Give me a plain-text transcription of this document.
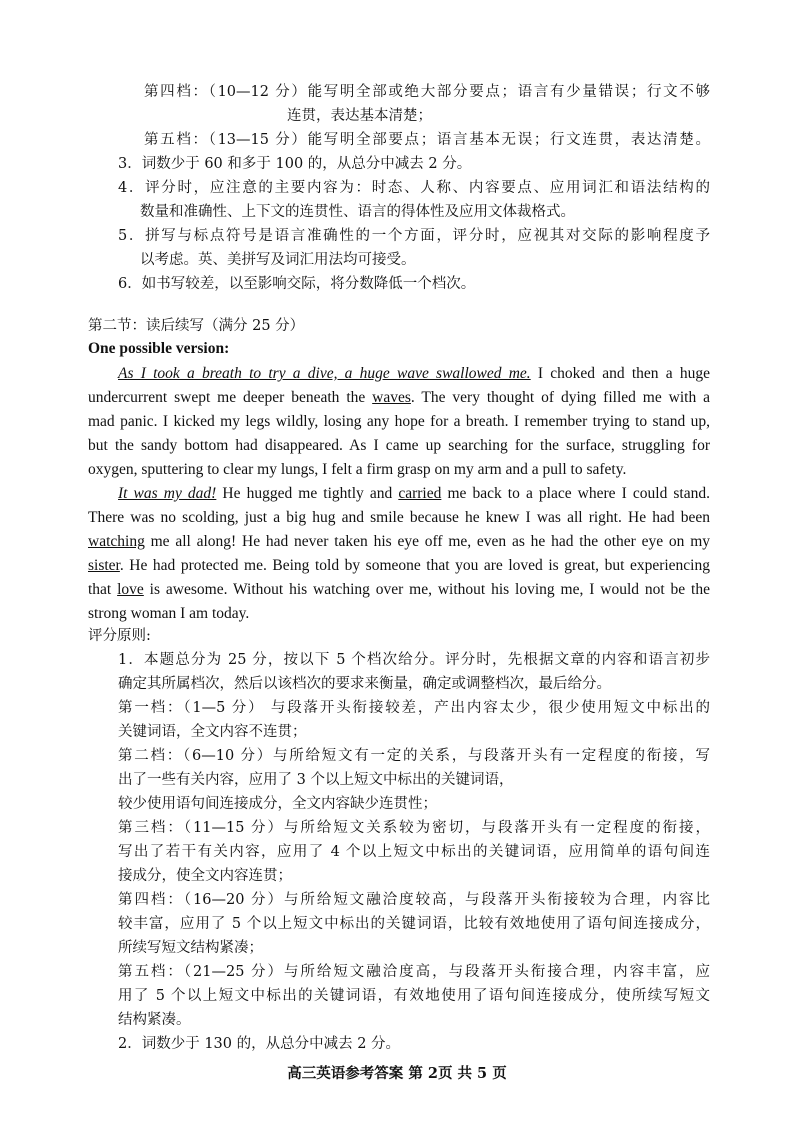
第四档：（10—12 分）能写明全部或绝大部分要点；语言有少量错误；行文不够
连贯，表达基本清楚；
第五档：（13—15 分）能写明全部要点；语言基本无误；行文连贯，表达清楚。
3．词数少于 60 和多于 100 的，从总分中减去 2 分。
4．评分时，应注意的主要内容为：时态、人称、内容要点、应用词汇和语法结构的
数量和准确性、上下文的连贯性、语言的得体性及应用文体裁格式。
5．拼写与标点符号是语言准确性的一个方面，评分时，应视其对交际的影响程度予
以考虑。英、美拼写及词汇用法均可接受。
6．如书写较差，以至影响交际，将分数降低一个档次。
第二节：读后续写（满分 25 分）
One possible version:
As I took a breath to try a dive, a huge wave swallowed me. I choked and then a huge
undercurrent swept me deeper beneath the waves. The very thought of dying filled me with a
mad panic. I kicked my legs wildly, losing any hope for a breath. I remember trying to stand up,
but the sandy bottom had disappeared. As I came up searching for the surface, struggling for
oxygen, sputtering to clear my lungs, I felt a firm grasp on my arm and a pull to safety.
It was my dad! He hugged me tightly and carried me back to a place where I could stand.
There was no scolding, just a big hug and smile because he knew I was all right. He had been
watching me all along! He had never taken his eye off me, even as he had the other eye on my
sister. He had protected me. Being told by someone that you are loved is great, but experiencing
that love is awesome. Without his watching over me, without his loving me, I would not be the
strong woman I am today.
评分原则:
1．本题总分为 25 分，按以下 5 个档次给分。评分时，先根据文章的内容和语言初步
确定其所属档次，然后以该档次的要求来衡量，确定或调整档次，最后给分。
第一档：（1—5 分） 与段落开头衔接较差，产出内容太少，很少使用短文中标出的
关键词语，全文内容不连贯；
第二档：（6—10 分）与所给短文有一定的关系，与段落开头有一定程度的衔接，写
出了一些有关内容，应用了 3 个以上短文中标出的关键词语，
较少使用语句间连接成分，全文内容缺少连贯性；
第三档：（11—15 分）与所给短文关系较为密切，与段落开头有一定程度的衔接，
写出了若干有关内容，应用了 4 个以上短文中标出的关键词语，应用简单的语句间连
接成分，使全文内容连贯；
第四档：（16—20 分）与所给短文融洽度较高，与段落开头衔接较为合理，内容比
较丰富，应用了 5 个以上短文中标出的关键词语，比较有效地使用了语句间连接成分，
所续写短文结构紧凑；
第五档：（21—25 分）与所给短文融洽度高，与段落开头衔接合理，内容丰富，应
用了 5 个以上短文中标出的关键词语，有效地使用了语句间连接成分，使所续写短文
结构紧凑。
2．词数少于 130 的，从总分中减去 2 分。
高三英语参考答案 第 2页 共 5 页
